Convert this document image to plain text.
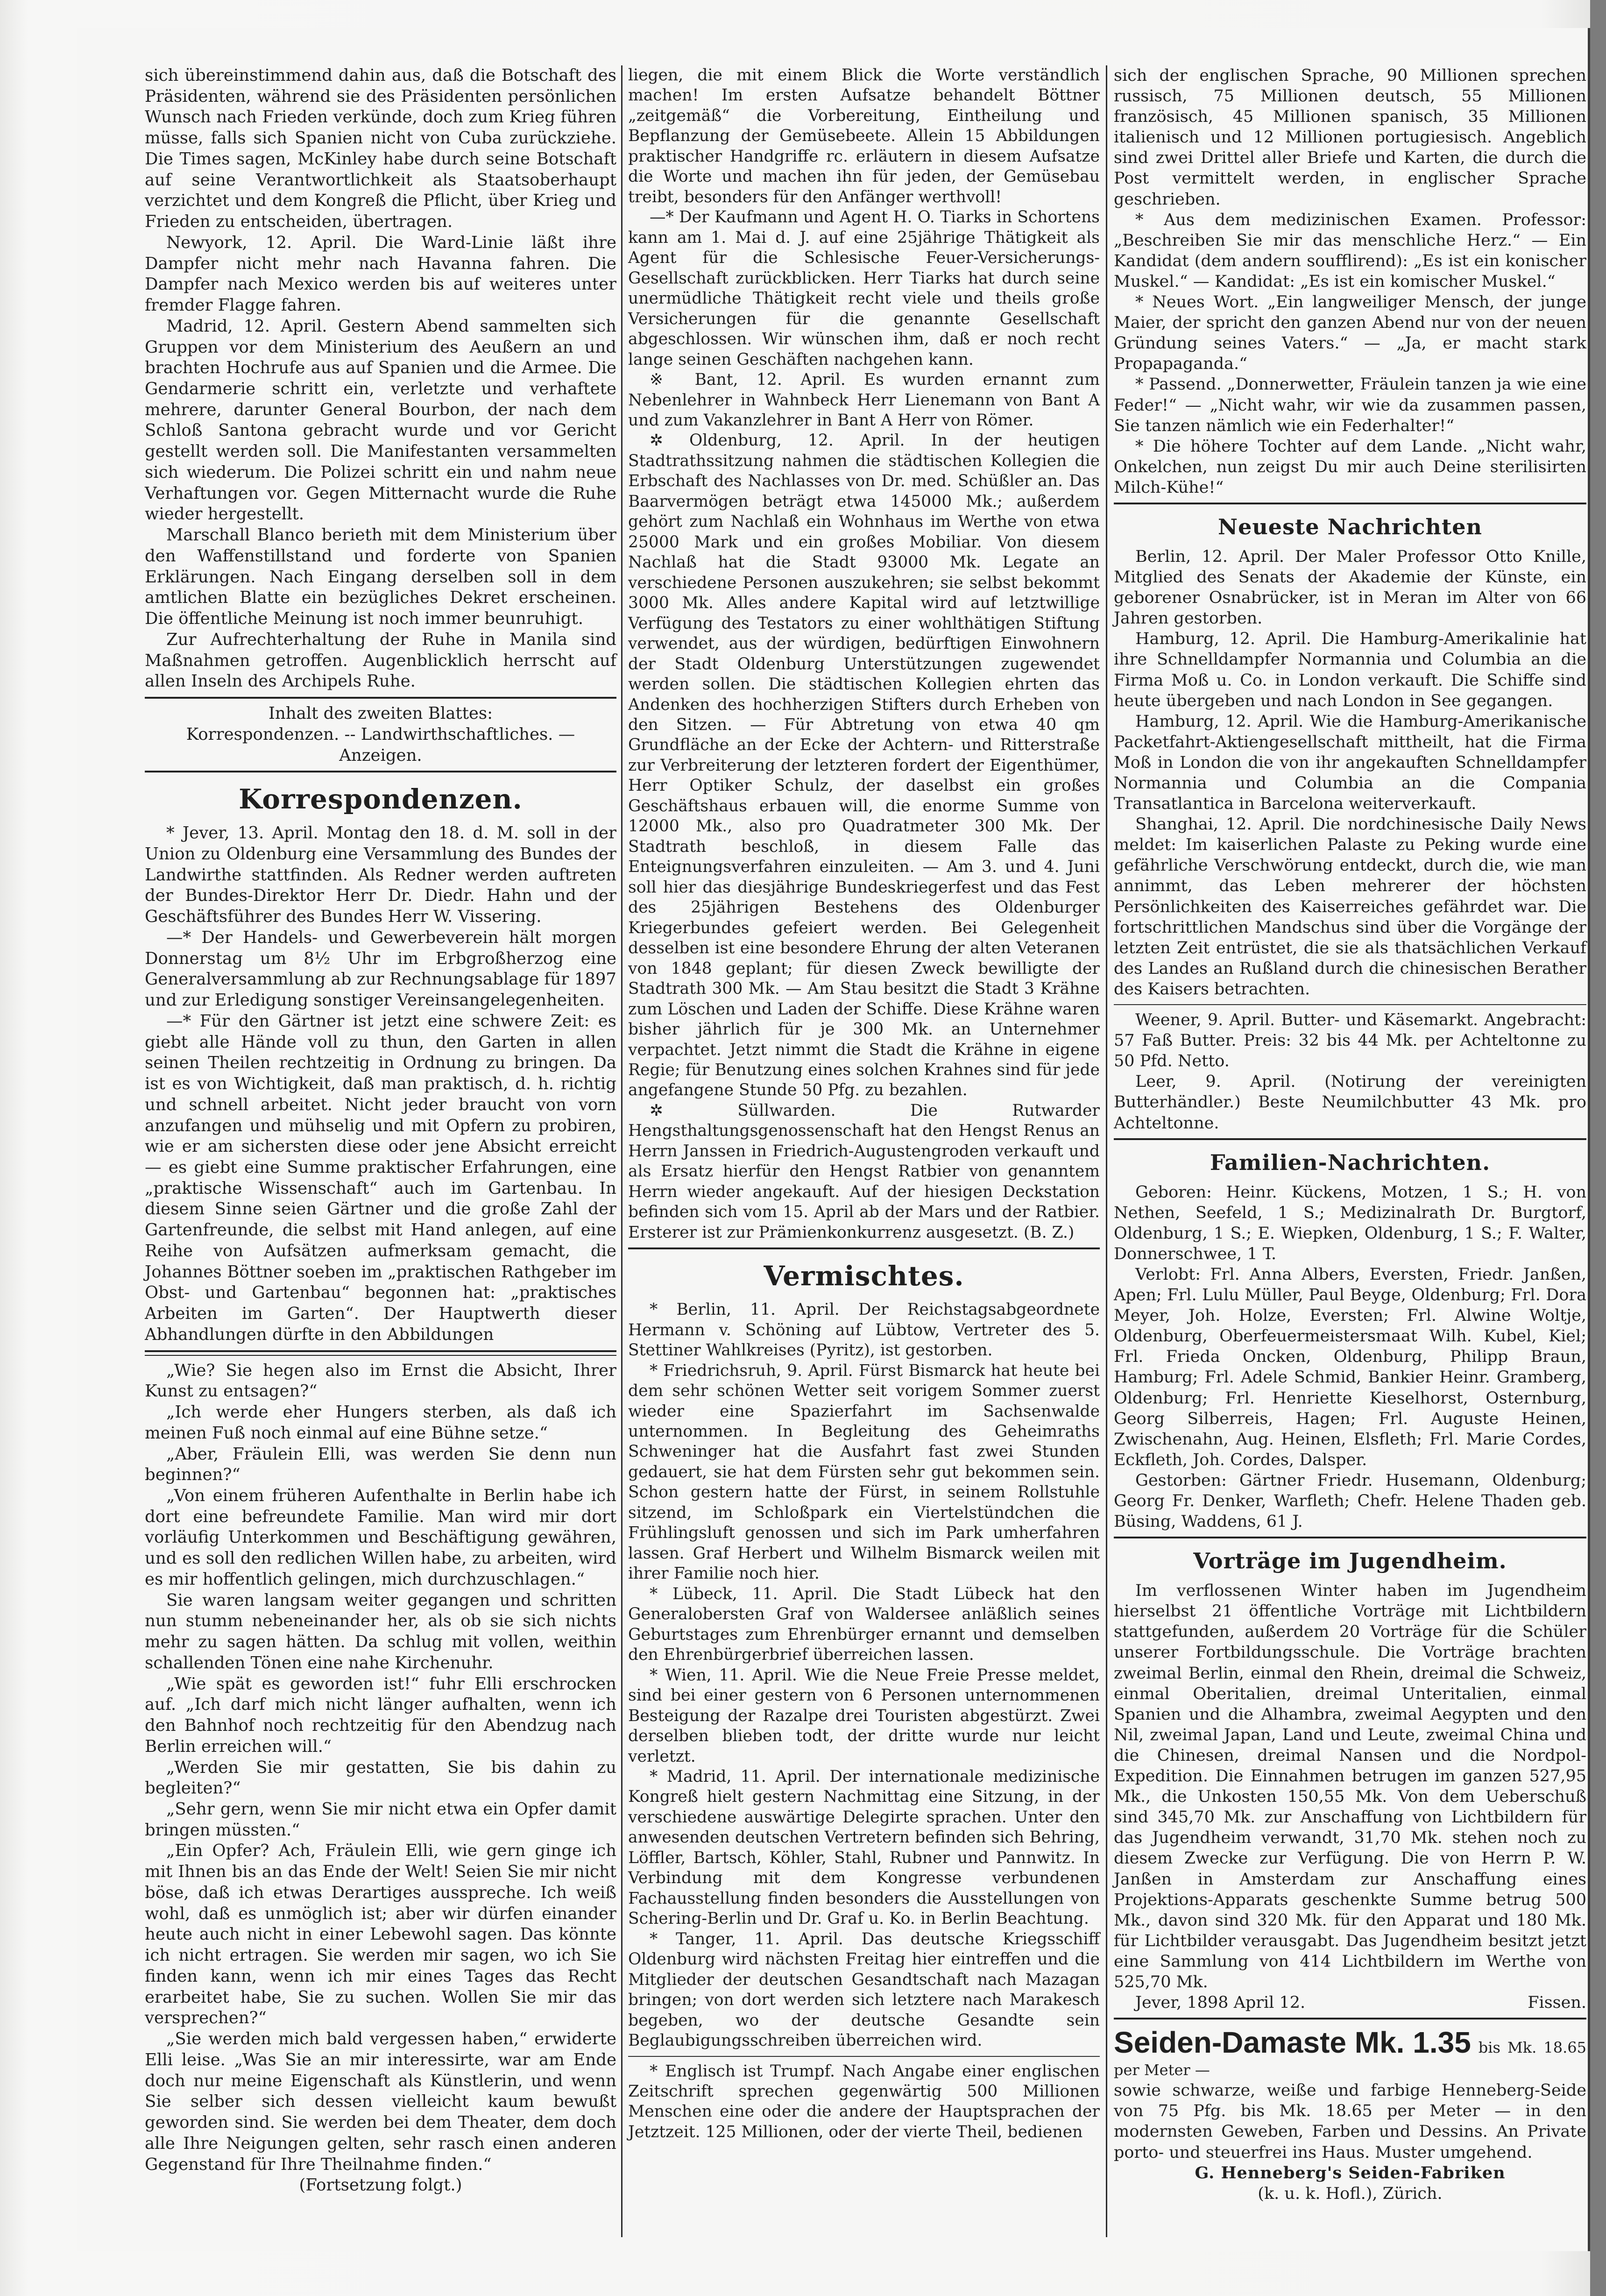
sich übereinstimmend dahin aus, daß die Botschaft des Präsidenten, während sie des Präsidenten persönlichen Wunsch nach Frieden verkünde, doch zum Krieg führen müsse, falls sich Spanien nicht von Cuba zurückziehe. Die Times sagen, McKinley habe durch seine Botschaft auf seine Verantwortlichkeit als Staatsoberhaupt verzichtet und dem Kongreß die Pflicht, über Krieg und Frieden zu entscheiden, übertragen.

Newyork, 12. April. Die Ward-Linie läßt ihre Dampfer nicht mehr nach Havanna fahren. Die Dampfer nach Mexico werden bis auf weiteres unter fremder Flagge fahren.

Madrid, 12. April. Gestern Abend sammelten sich Gruppen vor dem Ministerium des Aeußern an und brachten Hochrufe aus auf Spanien und die Armee. Die Gendarmerie schritt ein, verletzte und verhaftete mehrere, darunter General Bourbon, der nach dem Schloß Santona gebracht wurde und vor Gericht gestellt werden soll. Die Manifestanten versammelten sich wiederum. Die Polizei schritt ein und nahm neue Verhaftungen vor. Gegen Mitternacht wurde die Ruhe wieder hergestellt.

Marschall Blanco berieth mit dem Ministerium über den Waffenstillstand und forderte von Spanien Erklärungen. Nach Eingang derselben soll in dem amtlichen Blatte ein bezügliches Dekret erscheinen. Die öffentliche Meinung ist noch immer beunruhigt.

Zur Aufrechterhaltung der Ruhe in Manila sind Maßnahmen getroffen. Augenblicklich herrscht auf allen Inseln des Archipels Ruhe.

Inhalt des zweiten Blattes:

Korrespondenzen. -- Landwirthschaftliches. — Anzeigen.

Korrespondenzen.

* Jever, 13. April. Montag den 18. d. M. soll in der Union zu Oldenburg eine Versammlung des Bundes der Landwirthe stattfinden. Als Redner werden auftreten der Bundes-Direktor Herr Dr. Diedr. Hahn und der Geschäftsführer des Bundes Herr W. Vissering.

—* Der Handels- und Gewerbeverein hält morgen Donnerstag um 8½ Uhr im Erbgroßherzog eine Generalversammlung ab zur Rechnungsablage für 1897 und zur Erledigung sonstiger Vereinsangelegenheiten.

—* Für den Gärtner ist jetzt eine schwere Zeit: es giebt alle Hände voll zu thun, den Garten in allen seinen Theilen rechtzeitig in Ordnung zu bringen. Da ist es von Wichtigkeit, daß man praktisch, d. h. richtig und schnell arbeitet. Nicht jeder braucht von vorn anzufangen und mühselig und mit Opfern zu probiren, wie er am sichersten diese oder jene Absicht erreicht — es giebt eine Summe praktischer Erfahrungen, eine „praktische Wissenschaft“ auch im Gartenbau. In diesem Sinne seien Gärtner und die große Zahl der Gartenfreunde, die selbst mit Hand anlegen, auf eine Reihe von Aufsätzen aufmerksam gemacht, die Johannes Böttner soeben im „praktischen Rathgeber im Obst- und Gartenbau“ begonnen hat: „praktisches Arbeiten im Garten“. Der Hauptwerth dieser Abhandlungen dürfte in den Abbildungen

„Wie? Sie hegen also im Ernst die Absicht, Ihrer Kunst zu entsagen?“

„Ich werde eher Hungers sterben, als daß ich meinen Fuß noch einmal auf eine Bühne setze.“

„Aber, Fräulein Elli, was werden Sie denn nun beginnen?“

„Von einem früheren Aufenthalte in Berlin habe ich dort eine befreundete Familie. Man wird mir dort vorläufig Unterkommen und Beschäftigung gewähren, und es soll den redlichen Willen habe, zu arbeiten, wird es mir hoffentlich gelingen, mich durchzuschlagen.“

Sie waren langsam weiter gegangen und schritten nun stumm nebeneinander her, als ob sie sich nichts mehr zu sagen hätten. Da schlug mit vollen, weithin schallenden Tönen eine nahe Kirchenuhr.

„Wie spät es geworden ist!“ fuhr Elli erschrocken auf. „Ich darf mich nicht länger aufhalten, wenn ich den Bahnhof noch rechtzeitig für den Abendzug nach Berlin erreichen will.“

„Werden Sie mir gestatten, Sie bis dahin zu begleiten?“

„Sehr gern, wenn Sie mir nicht etwa ein Opfer damit bringen müssten.“

„Ein Opfer? Ach, Fräulein Elli, wie gern ginge ich mit Ihnen bis an das Ende der Welt! Seien Sie mir nicht böse, daß ich etwas Derartiges ausspreche. Ich weiß wohl, daß es unmöglich ist; aber wir dürfen einander heute auch nicht in einer Lebewohl sagen. Das könnte ich nicht ertragen. Sie werden mir sagen, wo ich Sie finden kann, wenn ich mir eines Tages das Recht erarbeitet habe, Sie zu suchen. Wollen Sie mir das versprechen?“

„Sie werden mich bald vergessen haben,“ erwiderte Elli leise. „Was Sie an mir interessirte, war am Ende doch nur meine Eigenschaft als Künstlerin, und wenn Sie selber sich dessen vielleicht kaum bewußt geworden sind. Sie werden bei dem Theater, dem doch alle Ihre Neigungen gelten, sehr rasch einen anderen Gegenstand für Ihre Theilnahme finden.“

(Fortsetzung folgt.)

liegen, die mit einem Blick die Worte verständlich machen! Im ersten Aufsatze behandelt Böttner „zeitgemäß“ die Vorbereitung, Eintheilung und Bepflanzung der Gemüsebeete. Allein 15 Abbildungen praktischer Handgriffe rc. erläutern in diesem Aufsatze die Worte und machen ihn für jeden, der Gemüsebau treibt, besonders für den Anfänger werthvoll!

—* Der Kaufmann und Agent H. O. Tiarks in Schortens kann am 1. Mai d. J. auf eine 25jährige Thätigkeit als Agent für die Schlesische Feuer-Versicherungs-Gesellschaft zurückblicken. Herr Tiarks hat durch seine unermüdliche Thätigkeit recht viele und theils große Versicherungen für die genannte Gesellschaft abgeschlossen. Wir wünschen ihm, daß er noch recht lange seinen Geschäften nachgehen kann.

※ Bant, 12. April. Es wurden ernannt zum Nebenlehrer in Wahnbeck Herr Lienemann von Bant A und zum Vakanzlehrer in Bant A Herr von Römer.

✲ Oldenburg, 12. April. In der heutigen Stadtrathssitzung nahmen die städtischen Kollegien die Erbschaft des Nachlasses von Dr. med. Schüßler an. Das Baarvermögen beträgt etwa 145000 Mk.; außerdem gehört zum Nachlaß ein Wohnhaus im Werthe von etwa 25000 Mark und ein großes Mobiliar. Von diesem Nachlaß hat die Stadt 93000 Mk. Legate an verschiedene Personen auszukehren; sie selbst bekommt 3000 Mk. Alles andere Kapital wird auf letztwillige Verfügung des Testators zu einer wohlthätigen Stiftung verwendet, aus der würdigen, bedürftigen Einwohnern der Stadt Oldenburg Unterstützungen zugewendet werden sollen. Die städtischen Kollegien ehrten das Andenken des hochherzigen Stifters durch Erheben von den Sitzen. — Für Abtretung von etwa 40 qm Grundfläche an der Ecke der Achtern- und Ritterstraße zur Verbreiterung der letzteren fordert der Eigenthümer, Herr Optiker Schulz, der daselbst ein großes Geschäftshaus erbauen will, die enorme Summe von 12000 Mk., also pro Quadratmeter 300 Mk. Der Stadtrath beschloß, in diesem Falle das Enteignungsverfahren einzuleiten. — Am 3. und 4. Juni soll hier das diesjährige Bundeskriegerfest und das Fest des 25jährigen Bestehens des Oldenburger Kriegerbundes gefeiert werden. Bei Gelegenheit desselben ist eine besondere Ehrung der alten Veteranen von 1848 geplant; für diesen Zweck bewilligte der Stadtrath 300 Mk. — Am Stau besitzt die Stadt 3 Krähne zum Löschen und Laden der Schiffe. Diese Krähne waren bisher jährlich für je 300 Mk. an Unternehmer verpachtet. Jetzt nimmt die Stadt die Krähne in eigene Regie; für Benutzung eines solchen Krahnes sind für jede angefangene Stunde 50 Pfg. zu bezahlen.

✲ Süllwarden. Die Rutwarder Hengsthaltungsgenossenschaft hat den Hengst Renus an Herrn Janssen in Friedrich-Augustengroden verkauft und als Ersatz hierfür den Hengst Ratbier von genanntem Herrn wieder angekauft. Auf der hiesigen Deckstation befinden sich vom 15. April ab der Mars und der Ratbier. Ersterer ist zur Prämienkonkurrenz ausgesetzt. (B. Z.)

Vermischtes.

* Berlin, 11. April. Der Reichstagsabgeordnete Hermann v. Schöning auf Lübtow, Vertreter des 5. Stettiner Wahlkreises (Pyritz), ist gestorben.

* Friedrichsruh, 9. April. Fürst Bismarck hat heute bei dem sehr schönen Wetter seit vorigem Sommer zuerst wieder eine Spazierfahrt im Sachsenwalde unternommen. In Begleitung des Geheimraths Schweninger hat die Ausfahrt fast zwei Stunden gedauert, sie hat dem Fürsten sehr gut bekommen sein. Schon gestern hatte der Fürst, in seinem Rollstuhle sitzend, im Schloßpark ein Viertelstündchen die Frühlingsluft genossen und sich im Park umherfahren lassen. Graf Herbert und Wilhelm Bismarck weilen mit ihrer Familie noch hier.

* Lübeck, 11. April. Die Stadt Lübeck hat den Generalobersten Graf von Waldersee anläßlich seines Geburtstages zum Ehrenbürger ernannt und demselben den Ehrenbürgerbrief überreichen lassen.

* Wien, 11. April. Wie die Neue Freie Presse meldet, sind bei einer gestern von 6 Personen unternommenen Besteigung der Razalpe drei Touristen abgestürzt. Zwei derselben blieben todt, der dritte wurde nur leicht verletzt.

* Madrid, 11. April. Der internationale medizinische Kongreß hielt gestern Nachmittag eine Sitzung, in der verschiedene auswärtige Delegirte sprachen. Unter den anwesenden deutschen Vertretern befinden sich Behring, Löffler, Bartsch, Köhler, Stahl, Rubner und Pannwitz. In Verbindung mit dem Kongresse verbundenen Fachausstellung finden besonders die Ausstellungen von Schering-Berlin und Dr. Graf u. Ko. in Berlin Beachtung.

* Tanger, 11. April. Das deutsche Kriegsschiff Oldenburg wird nächsten Freitag hier eintreffen und die Mitglieder der deutschen Gesandtschaft nach Mazagan bringen; von dort werden sich letztere nach Marakesch begeben, wo der deutsche Gesandte sein Beglaubigungsschreiben überreichen wird.

* Englisch ist Trumpf. Nach Angabe einer englischen Zeitschrift sprechen gegenwärtig 500 Millionen Menschen eine oder die andere der Hauptsprachen der Jetztzeit. 125 Millionen, oder der vierte Theil, bedienen

sich der englischen Sprache, 90 Millionen sprechen russisch, 75 Millionen deutsch, 55 Millionen französisch, 45 Millionen spanisch, 35 Millionen italienisch und 12 Millionen portugiesisch. Angeblich sind zwei Drittel aller Briefe und Karten, die durch die Post vermittelt werden, in englischer Sprache geschrieben.

* Aus dem medizinischen Examen. Professor: „Beschreiben Sie mir das menschliche Herz.“ — Ein Kandidat (dem andern soufflirend): „Es ist ein konischer Muskel.“ — Kandidat: „Es ist ein komischer Muskel.“

* Neues Wort. „Ein langweiliger Mensch, der junge Maier, der spricht den ganzen Abend nur von der neuen Gründung seines Vaters.“ — „Ja, er macht stark Propapaganda.“

* Passend. „Donnerwetter, Fräulein tanzen ja wie eine Feder!“ — „Nicht wahr, wir wie da zusammen passen, Sie tanzen nämlich wie ein Federhalter!“

* Die höhere Tochter auf dem Lande. „Nicht wahr, Onkelchen, nun zeigst Du mir auch Deine sterilisirten Milch-Kühe!“

Neueste Nachrichten

Berlin, 12. April. Der Maler Professor Otto Knille, Mitglied des Senats der Akademie der Künste, ein geborener Osnabrücker, ist in Meran im Alter von 66 Jahren gestorben.

Hamburg, 12. April. Die Hamburg-Amerikalinie hat ihre Schnelldampfer Normannia und Columbia an die Firma Moß u. Co. in London verkauft. Die Schiffe sind heute übergeben und nach London in See gegangen.

Hamburg, 12. April. Wie die Hamburg-Amerikanische Packetfahrt-Aktiengesellschaft mittheilt, hat die Firma Moß in London die von ihr angekauften Schnelldampfer Normannia und Columbia an die Compania Transatlantica in Barcelona weiterverkauft.

Shanghai, 12. April. Die nordchinesische Daily News meldet: Im kaiserlichen Palaste zu Peking wurde eine gefährliche Verschwörung entdeckt, durch die, wie man annimmt, das Leben mehrerer der höchsten Persönlichkeiten des Kaiserreiches gefährdet war. Die fortschrittlichen Mandschus sind über die Vorgänge der letzten Zeit entrüstet, die sie als thatsächlichen Verkauf des Landes an Rußland durch die chinesischen Berather des Kaisers betrachten.

Weener, 9. April. Butter- und Käsemarkt. Angebracht: 57 Faß Butter. Preis: 32 bis 44 Mk. per Achteltonne zu 50 Pfd. Netto.

Leer, 9. April. (Notirung der vereinigten Butterhändler.) Beste Neumilchbutter 43 Mk. pro Achteltonne.

Familien-Nachrichten.

Geboren: Heinr. Kückens, Motzen, 1 S.; H. von Nethen, Seefeld, 1 S.; Medizinalrath Dr. Burgtorf, Oldenburg, 1 S.; E. Wiepken, Oldenburg, 1 S.; F. Walter, Donnerschwee, 1 T.

Verlobt: Frl. Anna Albers, Eversten, Friedr. Janßen, Apen; Frl. Lulu Müller, Paul Beyge, Oldenburg; Frl. Dora Meyer, Joh. Holze, Eversten; Frl. Alwine Woltje, Oldenburg, Oberfeuermeistersmaat Wilh. Kubel, Kiel; Frl. Frieda Oncken, Oldenburg, Philipp Braun, Hamburg; Frl. Adele Schmid, Bankier Heinr. Gramberg, Oldenburg; Frl. Henriette Kieselhorst, Osternburg, Georg Silberreis, Hagen; Frl. Auguste Heinen, Zwischenahn, Aug. Heinen, Elsfleth; Frl. Marie Cordes, Eckfleth, Joh. Cordes, Dalsper.

Gestorben: Gärtner Friedr. Husemann, Oldenburg; Georg Fr. Denker, Warfleth; Chefr. Helene Thaden geb. Büsing, Waddens, 61 J.

Vorträge im Jugendheim.

Im verflossenen Winter haben im Jugendheim hierselbst 21 öffentliche Vorträge mit Lichtbildern stattgefunden, außerdem 20 Vorträge für die Schüler unserer Fortbildungsschule. Die Vorträge brachten zweimal Berlin, einmal den Rhein, dreimal die Schweiz, einmal Oberitalien, dreimal Unteritalien, einmal Spanien und die Alhambra, zweimal Aegypten und den Nil, zweimal Japan, Land und Leute, zweimal China und die Chinesen, dreimal Nansen und die Nordpol-Expedition. Die Einnahmen betrugen im ganzen 527,95 Mk., die Unkosten 150,55 Mk. Von dem Ueberschuß sind 345,70 Mk. zur Anschaffung von Lichtbildern für das Jugendheim verwandt, 31,70 Mk. stehen noch zu diesem Zwecke zur Verfügung. Die von Herrn P. W. Janßen in Amsterdam zur Anschaffung eines Projektions-Apparats geschenkte Summe betrug 500 Mk., davon sind 320 Mk. für den Apparat und 180 Mk. für Lichtbilder verausgabt. Das Jugendheim besitzt jetzt eine Sammlung von 414 Lichtbildern im Werthe von 525,70 Mk.

Jever, 1898 April 12.	Fissen.

Seiden-Damaste Mk. 1.35 bis Mk. 18.65 per Meter —

sowie schwarze, weiße und farbige Henneberg-Seide von 75 Pfg. bis Mk. 18.65 per Meter — in den modernsten Geweben, Farben und Dessins. An Private porto- und steuerfrei ins Haus. Muster umgehend.

G. Henneberg's Seiden-Fabriken

(k. u. k. Hofl.), Zürich.
